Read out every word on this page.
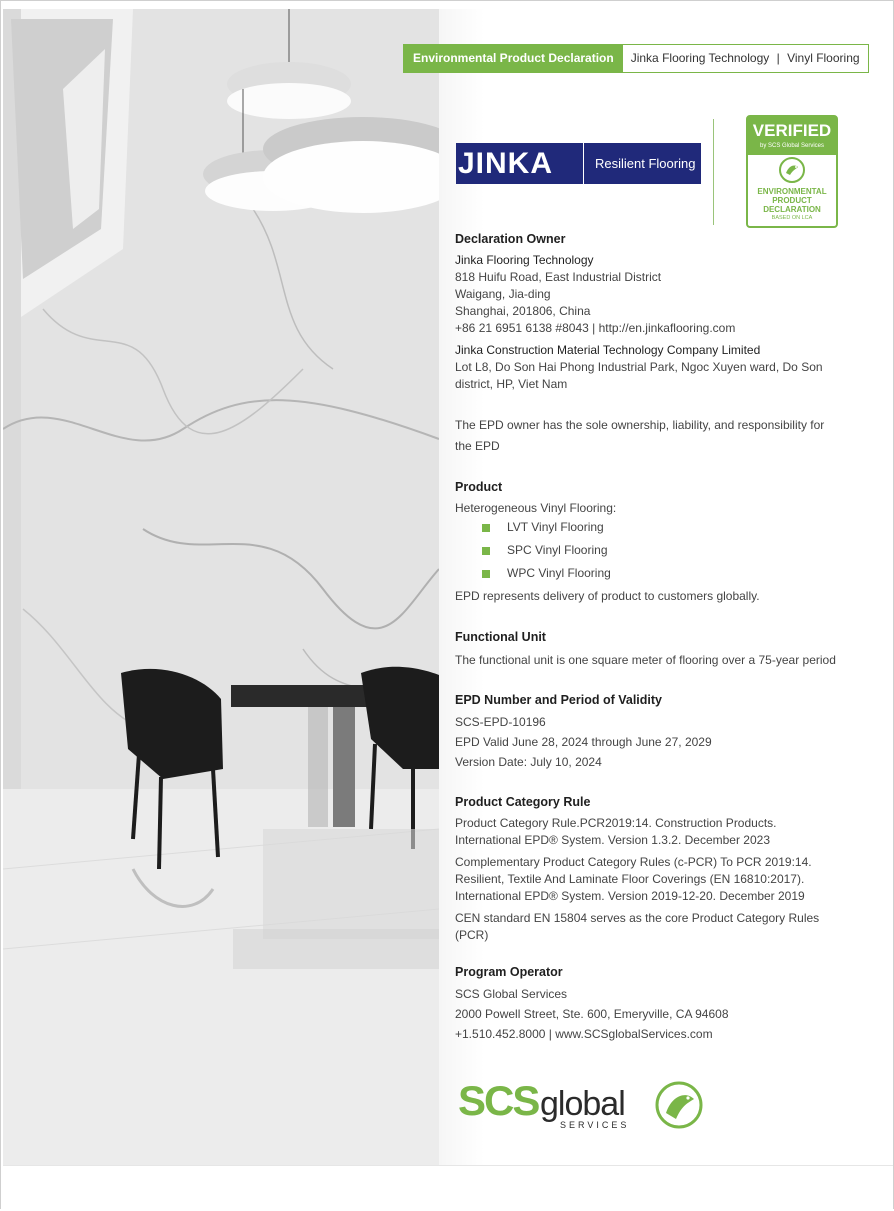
Environmental Product Declaration	Jinka Flooring Technology | Vinyl Flooring
JINKA	Resilient Flooring
VERIFIED
by SCS Global Services
ENVIRONMENTAL
PRODUCT
DECLARATION
BASED ON LCA

Declaration Owner

Jinka Flooring Technology

818 Huifu Road, East Industrial District

Waigang, Jia-ding

Shanghai, 201806, China

+86 21 6951 6138 #8043 | http://en.jinkaflooring.com

Jinka Construction Material Technology Company Limited

Lot L8, Do Son Hai Phong Industrial Park, Ngoc Xuyen ward, Do Son district, HP, Viet Nam

The EPD owner has the sole ownership, liability, and responsibility for the EPD

Product

Heterogeneous Vinyl Flooring:

LVT Vinyl Flooring
SPC Vinyl Flooring
WPC Vinyl Flooring

EPD represents delivery of product to customers globally.

Functional Unit

The functional unit is one square meter of flooring over a 75-year period

EPD Number and Period of Validity

SCS-EPD-10196

EPD Valid June 28, 2024 through June 27, 2029

Version Date: July 10, 2024

Product Category Rule

Product Category Rule.PCR2019:14. Construction Products. International EPD® System. Version 1.3.2. December 2023

Complementary Product Category Rules (c-PCR) To PCR 2019:14. Resilient, Textile And Laminate Floor Coverings (EN 16810:2017). International EPD® System. Version 2019-12-20. December 2019

CEN standard EN 15804 serves as the core Product Category Rules (PCR)

Program Operator

SCS Global Services

2000 Powell Street, Ste. 600, Emeryville, CA 94608

+1.510.452.8000 | www.SCSglobalServices.com

SCS global
SERVICES
